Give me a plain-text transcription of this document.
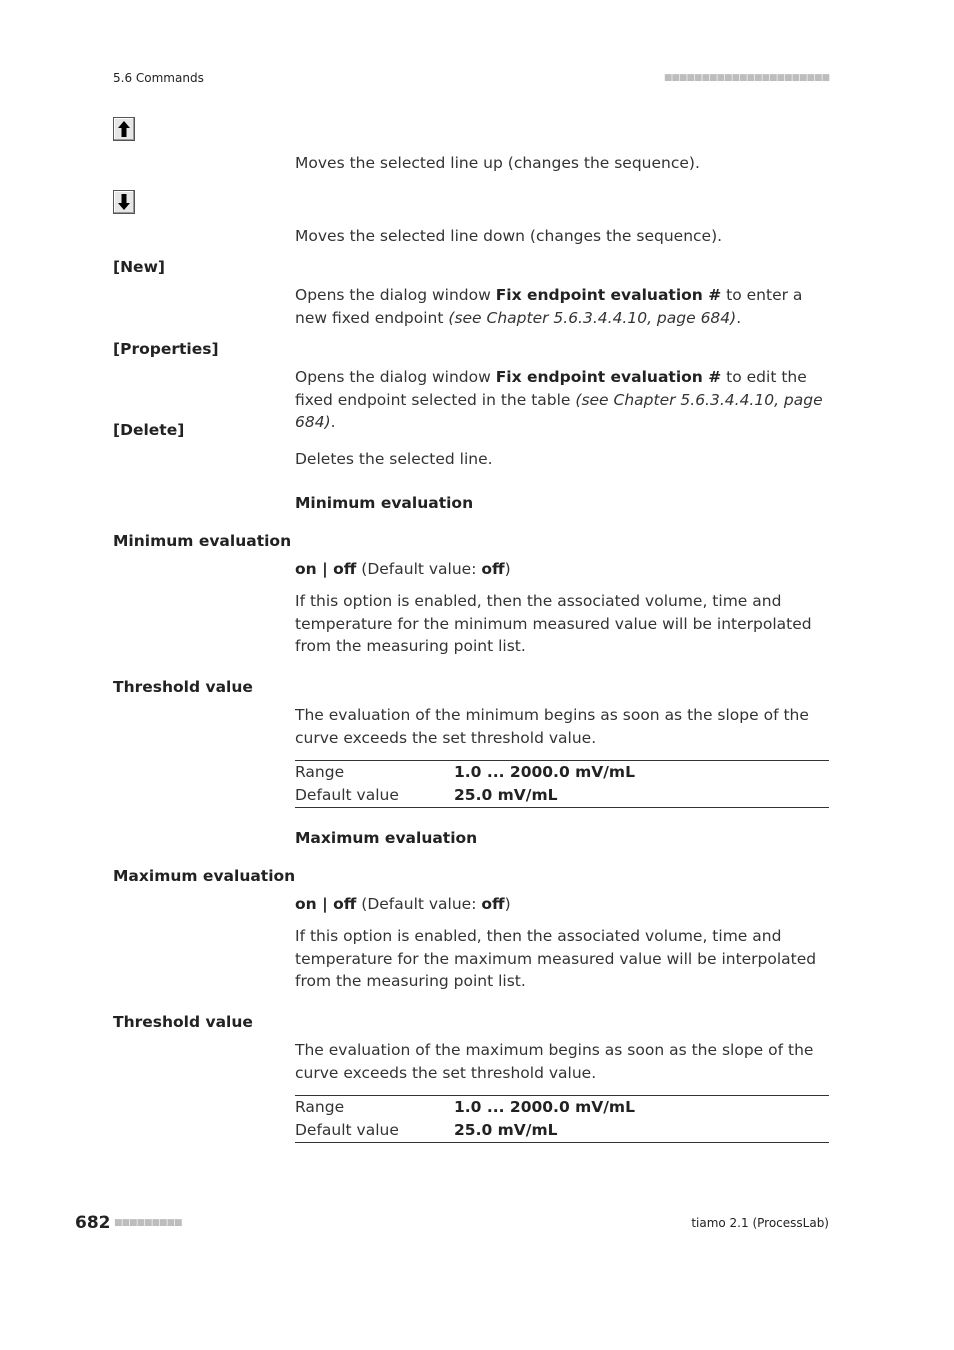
5.6 Commands	■■■■■■■■■■■■■■■■■■■■■■
Moves the selected line up (changes the sequence).
Moves the selected line down (changes the sequence).
[New]
Opens the dialog window Fix endpoint evaluation # to enter a new fixed endpoint (see Chapter 5.6.3.4.4.10, page 684).
[Properties]
Opens the dialog window Fix endpoint evaluation # to edit the fixed endpoint selected in the table (see Chapter 5.6.3.4.4.10, page 684).
[Delete]
Deletes the selected line.
Minimum evaluation
Minimum evaluation
on | off (Default value: off)
If this option is enabled, then the associated volume, time and temperature for the minimum measured value will be interpolated from the measuring point list.
Threshold value
The evaluation of the minimum begins as soon as the slope of the curve exceeds the set threshold value.
Range	1.0 ... 2000.0 mV/mL
Default value	25.0 mV/mL
Maximum evaluation
Maximum evaluation
on | off (Default value: off)
If this option is enabled, then the associated volume, time and temperature for the maximum measured value will be interpolated from the measuring point list.
Threshold value
The evaluation of the maximum begins as soon as the slope of the curve exceeds the set threshold value.
Range	1.0 ... 2000.0 mV/mL
Default value	25.0 mV/mL
682 ■■■■■■■■■	tiamo 2.1 (ProcessLab)
